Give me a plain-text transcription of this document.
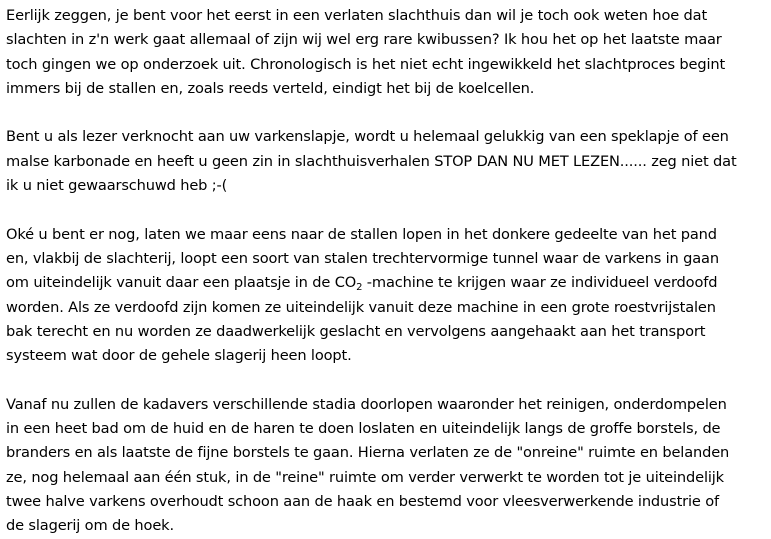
Eerlijk zeggen, je bent voor het eerst in een verlaten slachthuis dan wil je toch ook weten hoe dat
slachten in z'n werk gaat allemaal of zijn wij wel erg rare kwibussen? Ik hou het op het laatste maar
toch gingen we op onderzoek uit. Chronologisch is het niet echt ingewikkeld het slachtproces begint
immers bij de stallen en, zoals reeds verteld, eindigt het bij de koelcellen.
Bent u als lezer verknocht aan uw varkenslapje, wordt u helemaal gelukkig van een speklapje of een
malse karbonade en heeft u geen zin in slachthuisverhalen STOP DAN NU MET LEZEN...... zeg niet dat
ik u niet gewaarschuwd heb ;-(
Oké u bent er nog, laten we maar eens naar de stallen lopen in het donkere gedeelte van het pand
en, vlakbij de slachterij, loopt een soort van stalen trechtervormige tunnel waar de varkens in gaan
om uiteindelijk vanuit daar een plaatsje in de $CO_2$ -machine te krijgen waar ze individueel verdoofd
worden. Als ze verdoofd zijn komen ze uiteindelijk vanuit deze machine in een grote roestvrijstalen
bak terecht en nu worden ze daadwerkelijk geslacht en vervolgens aangehaakt aan het transport
systeem wat door de gehele slagerij heen loopt.
Vanaf nu zullen de kadavers verschillende stadia doorlopen waaronder het reinigen, onderdompelen
in een heet bad om de huid en de haren te doen loslaten en uiteindelijk langs de groffe borstels, de
branders en als laatste de fijne borstels te gaan. Hierna verlaten ze de "onreine" ruimte en belanden
ze, nog helemaal aan één stuk, in de "reine" ruimte om verder verwerkt te worden tot je uiteindelijk
twee halve varkens overhoudt schoon aan de haak en bestemd voor vleesverwerkende industrie of
de slagerij om de hoek.
